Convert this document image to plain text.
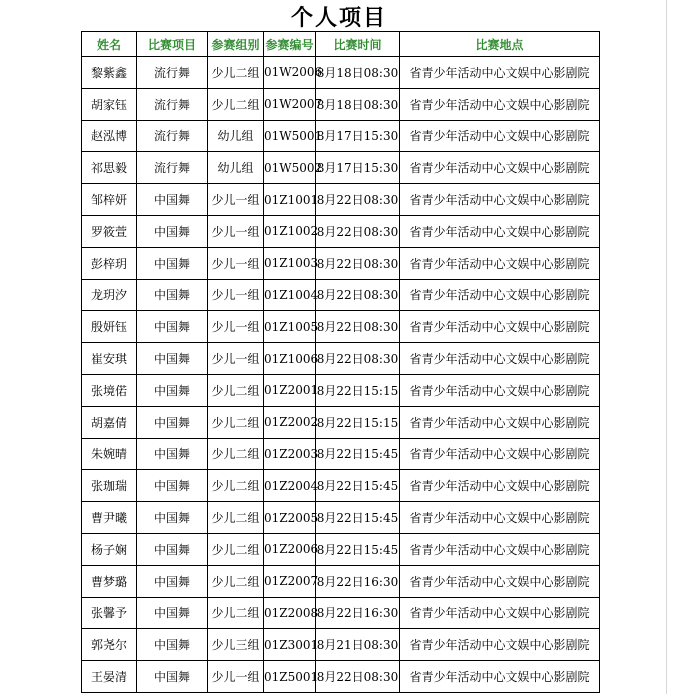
个人项目
姓名	比赛项目	参赛组别	参赛编号	比赛时间	比赛地点
黎紫鑫	流行舞	少儿二组	01W2006	8月18日08:30	省青少年活动中心文娱中心影剧院
胡家钰	流行舞	少儿二组	01W2007	8月18日08:30	省青少年活动中心文娱中心影剧院
赵泓博	流行舞	幼儿组	01W5001	8月17日15:30	省青少年活动中心文娱中心影剧院
祁思毅	流行舞	幼儿组	01W5002	8月17日15:30	省青少年活动中心文娱中心影剧院
邹梓妍	中国舞	少儿一组	01Z1001	8月22日08:30	省青少年活动中心文娱中心影剧院
罗筱萱	中国舞	少儿一组	01Z1002	8月22日08:30	省青少年活动中心文娱中心影剧院
彭梓玥	中国舞	少儿一组	01Z1003	8月22日08:30	省青少年活动中心文娱中心影剧院
龙玥汐	中国舞	少儿一组	01Z1004	8月22日08:30	省青少年活动中心文娱中心影剧院
殷妍钰	中国舞	少儿一组	01Z1005	8月22日08:30	省青少年活动中心文娱中心影剧院
崔安琪	中国舞	少儿一组	01Z1006	8月22日08:30	省青少年活动中心文娱中心影剧院
张境偌	中国舞	少儿二组	01Z2001	8月22日15:15	省青少年活动中心文娱中心影剧院
胡嘉倩	中国舞	少儿二组	01Z2002	8月22日15:15	省青少年活动中心文娱中心影剧院
朱婉晴	中国舞	少儿二组	01Z2003	8月22日15:45	省青少年活动中心文娱中心影剧院
张珈瑞	中国舞	少儿二组	01Z2004	8月22日15:45	省青少年活动中心文娱中心影剧院
曹尹曦	中国舞	少儿二组	01Z2005	8月22日15:45	省青少年活动中心文娱中心影剧院
杨子娴	中国舞	少儿二组	01Z2006	8月22日15:45	省青少年活动中心文娱中心影剧院
曹梦璐	中国舞	少儿二组	01Z2007	8月22日16:30	省青少年活动中心文娱中心影剧院
张馨予	中国舞	少儿二组	01Z2008	8月22日16:30	省青少年活动中心文娱中心影剧院
郭尧尔	中国舞	少儿三组	01Z3001	8月21日08:30	省青少年活动中心文娱中心影剧院
王晏清	中国舞	少儿一组	01Z5001	8月22日08:30	省青少年活动中心文娱中心影剧院
